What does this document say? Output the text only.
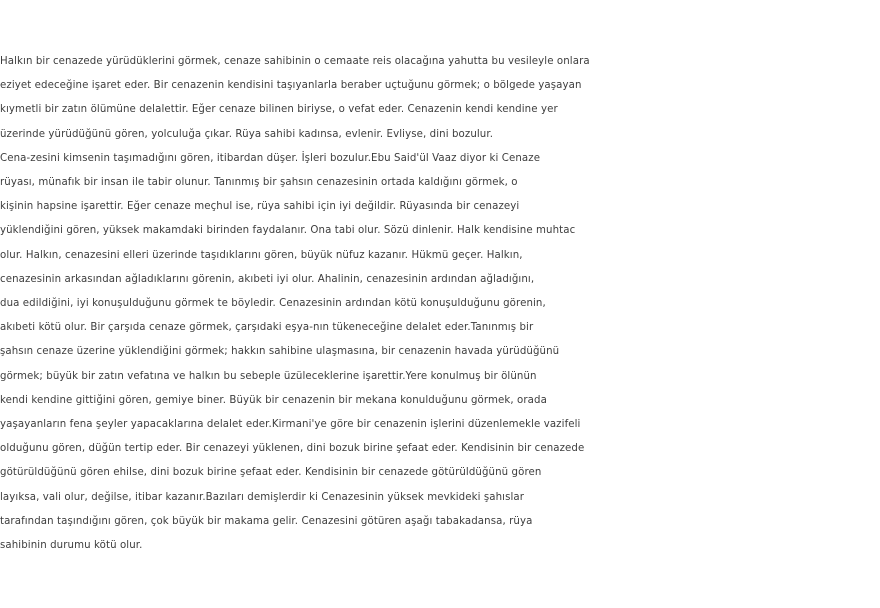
Halkın bir cenazede yürüdüklerini görmek, cenaze sahibinin o cemaate reis olacağına yahutta bu vesileyle onlara
eziyet edeceğine işaret eder. Bir cenazenin kendisini taşıyanlarla beraber uçtuğunu görmek; o bölgede yaşayan
kıymetli bir zatın ölümüne delalettir. Eğer cenaze bilinen biriyse, o vefat eder. Cenazenin kendi kendine yer
üzerinde yürüdüğünü gören, yolculuğa çıkar. Rüya sahibi kadınsa, evlenir. Evliyse, dini bozulur.
Cena-zesini kimsenin taşımadığını gören, itibardan düşer. İşleri bozulur.Ebu Said'ül Vaaz diyor ki Cenaze
rüyası, münafık bir insan ile tabir olunur. Tanınmış bir şahsın cenazesinin ortada kaldığını görmek, o
kişinin hapsine işarettir. Eğer cenaze meçhul ise, rüya sahibi için iyi değildir. Rüyasında bir cenazeyi
yüklendiğini gören, yüksek makamdaki birinden faydalanır. Ona tabi olur. Sözü dinlenir. Halk kendisine muhtac
olur. Halkın, cenazesini elleri üzerinde taşıdıklarını gören, büyük nüfuz kazanır. Hükmü geçer. Halkın,
cenazesinin arkasından ağladıklarını görenin, akıbeti iyi olur. Ahalinin, cenazesinin ardından ağladığını,
dua edildiğini, iyi konuşulduğunu görmek te böyledir. Cenazesinin ardından kötü konuşulduğunu görenin,
akıbeti kötü olur. Bir çarşıda cenaze görmek, çarşıdaki eşya-nın tükeneceğine delalet eder.Tanınmış bir
şahsın cenaze üzerine yüklendiğini görmek; hakkın sahibine ulaşmasına, bir cenazenin havada yürüdüğünü
görmek; büyük bir zatın vefatına ve halkın bu sebeple üzüleceklerine işarettir.Yere konulmuş bir ölünün
kendi kendine gittiğini gören, gemiye biner. Büyük bir cenazenin bir mekana konulduğunu görmek, orada
yaşayanların fena şeyler yapacaklarına delalet eder.Kirmani'ye göre bir cenazenin işlerini düzenlemekle vazifeli
olduğunu gören, düğün tertip eder. Bir cenazeyi yüklenen, dini bozuk birine şefaat eder. Kendisinin bir cenazede
götürüldüğünü gören ehilse, dini bozuk birine şefaat eder. Kendisinin bir cenazede götürüldüğünü gören
layıksa, vali olur, değilse, itibar kazanır.Bazıları demişlerdir ki Cenazesinin yüksek mevkideki şahıslar
tarafından taşındığını gören, çok büyük bir makama gelir. Cenazesini götüren aşağı tabakadansa, rüya
sahibinin durumu kötü olur.
